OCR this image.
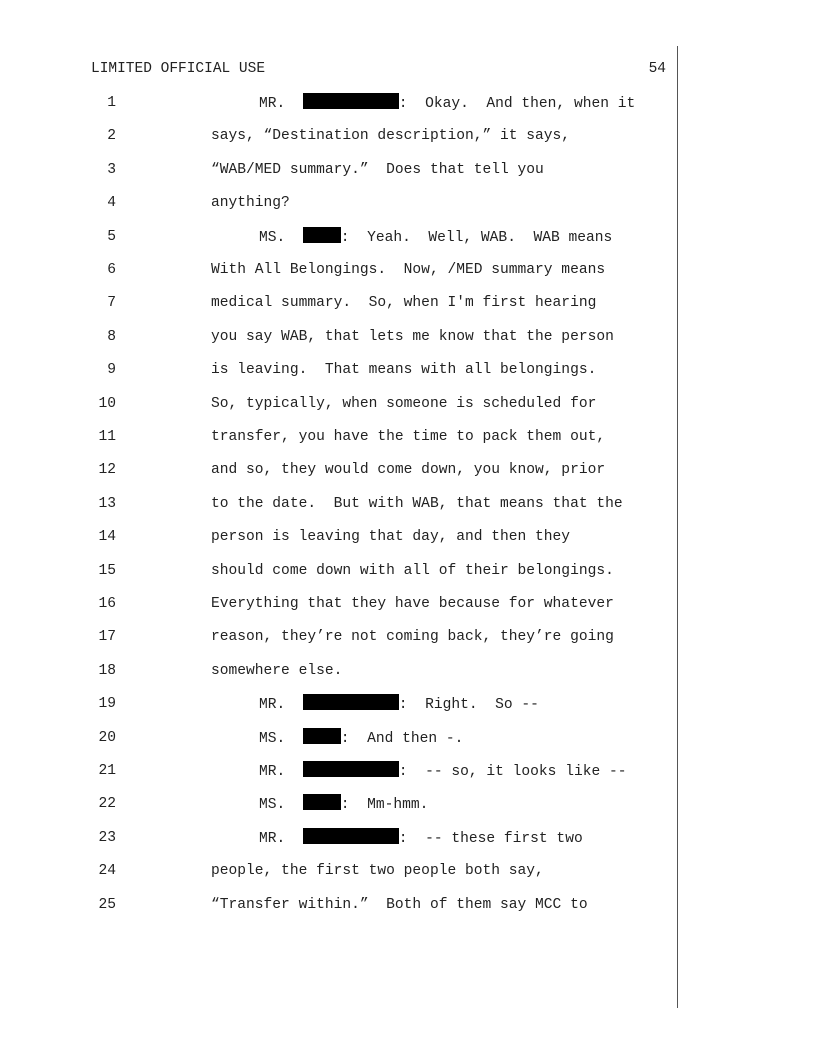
LIMITED OFFICIAL USE	54
1	MR.	:  Okay.  And then, when it
2	says, “Destination description,” it says,
3	“WAB/MED summary.”  Does that tell you
4	anything?
5	MS.	:  Yeah.  Well, WAB.  WAB means
6	With All Belongings.  Now, /MED summary means
7	medical summary.  So, when I'm first hearing
8	you say WAB, that lets me know that the person
9	is leaving.  That means with all belongings.
10	So, typically, when someone is scheduled for
11	transfer, you have the time to pack them out,
12	and so, they would come down, you know, prior
13	to the date.  But with WAB, that means that the
14	person is leaving that day, and then they
15	should come down with all of their belongings.
16	Everything that they have because for whatever
17	reason, they’re not coming back, they’re going
18	somewhere else.
19	MR.	:  Right.  So --
20	MS.	:  And then -.
21	MR.	:  -- so, it looks like --
22	MS.	:  Mm-hmm.
23	MR.	:  -- these first two
24	people, the first two people both say,
25	“Transfer within.”  Both of them say MCC to
